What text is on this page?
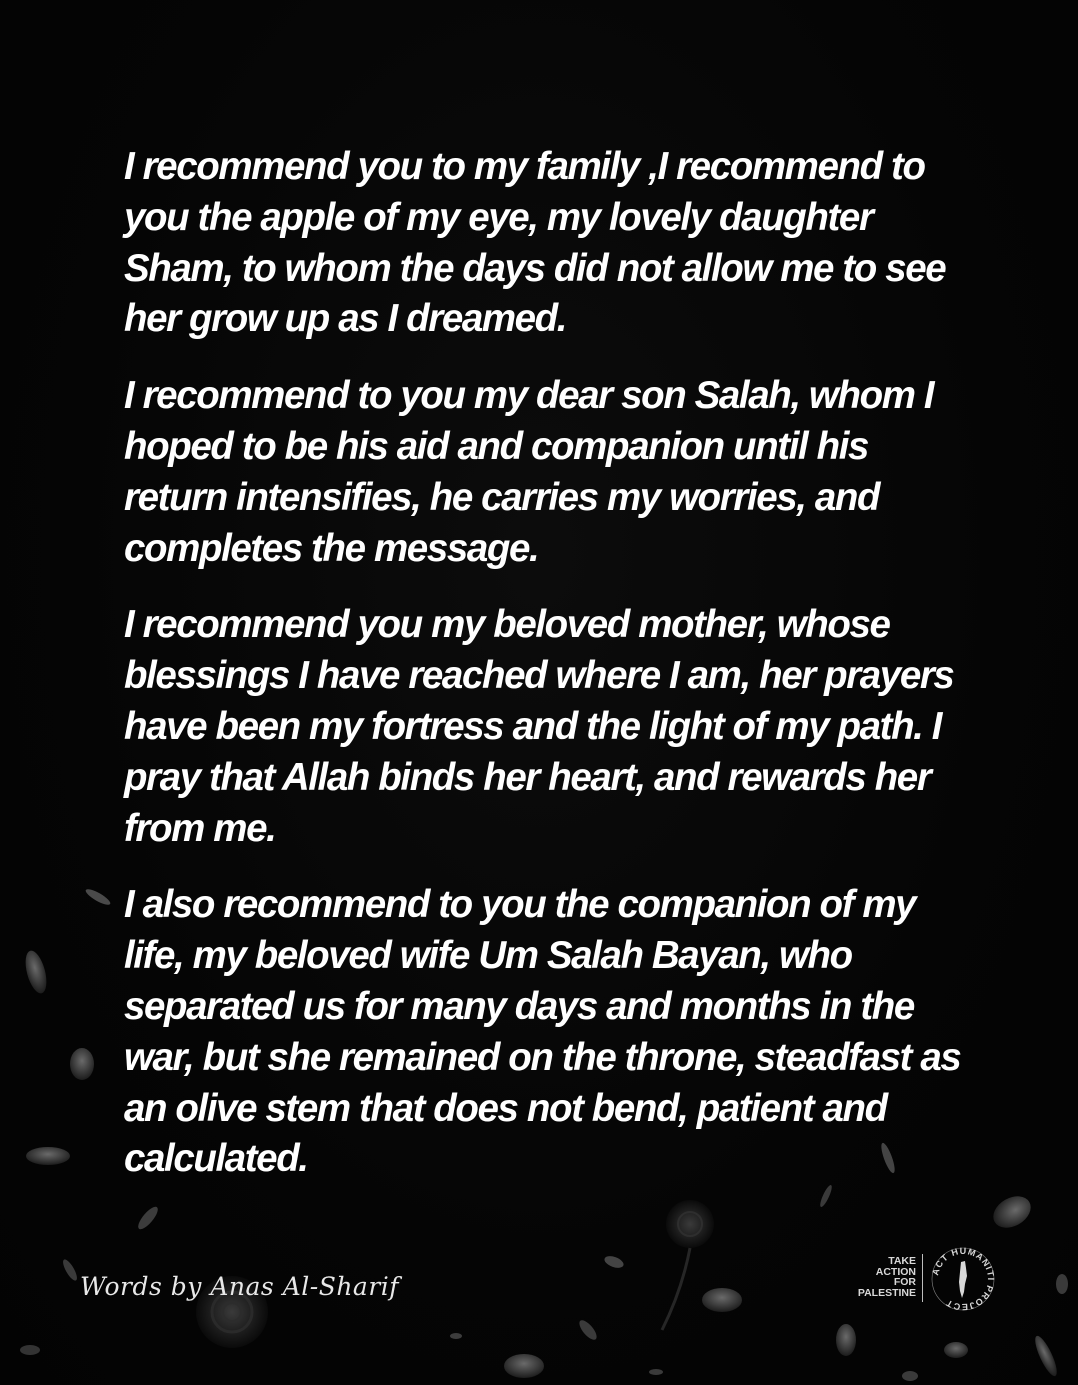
I recommend you to my family ,I recommend to you the apple of my eye, my lovely daughter Sham, to whom the days did not allow me to see her grow up as I dreamed.

I recommend to you my dear son Salah, whom I hoped to be his aid and companion until his return intensifies, he carries my worries, and completes the message.

I recommend you my beloved mother, whose blessings I have reached where I am, her prayers have been my fortress and the light of my path. I pray that Allah binds her heart, and rewards her from me.

I also recommend to you the companion of my life, my beloved wife Um Salah Bayan, who separated us for many days and months in the war, but she remained on the throne, steadfast as an olive stem that does not bend, patient and calculated.

Words by Anas Al-Sharif
TAKE
ACTION
FOR
PALESTINE
ACT HUMANITI PROJECT
